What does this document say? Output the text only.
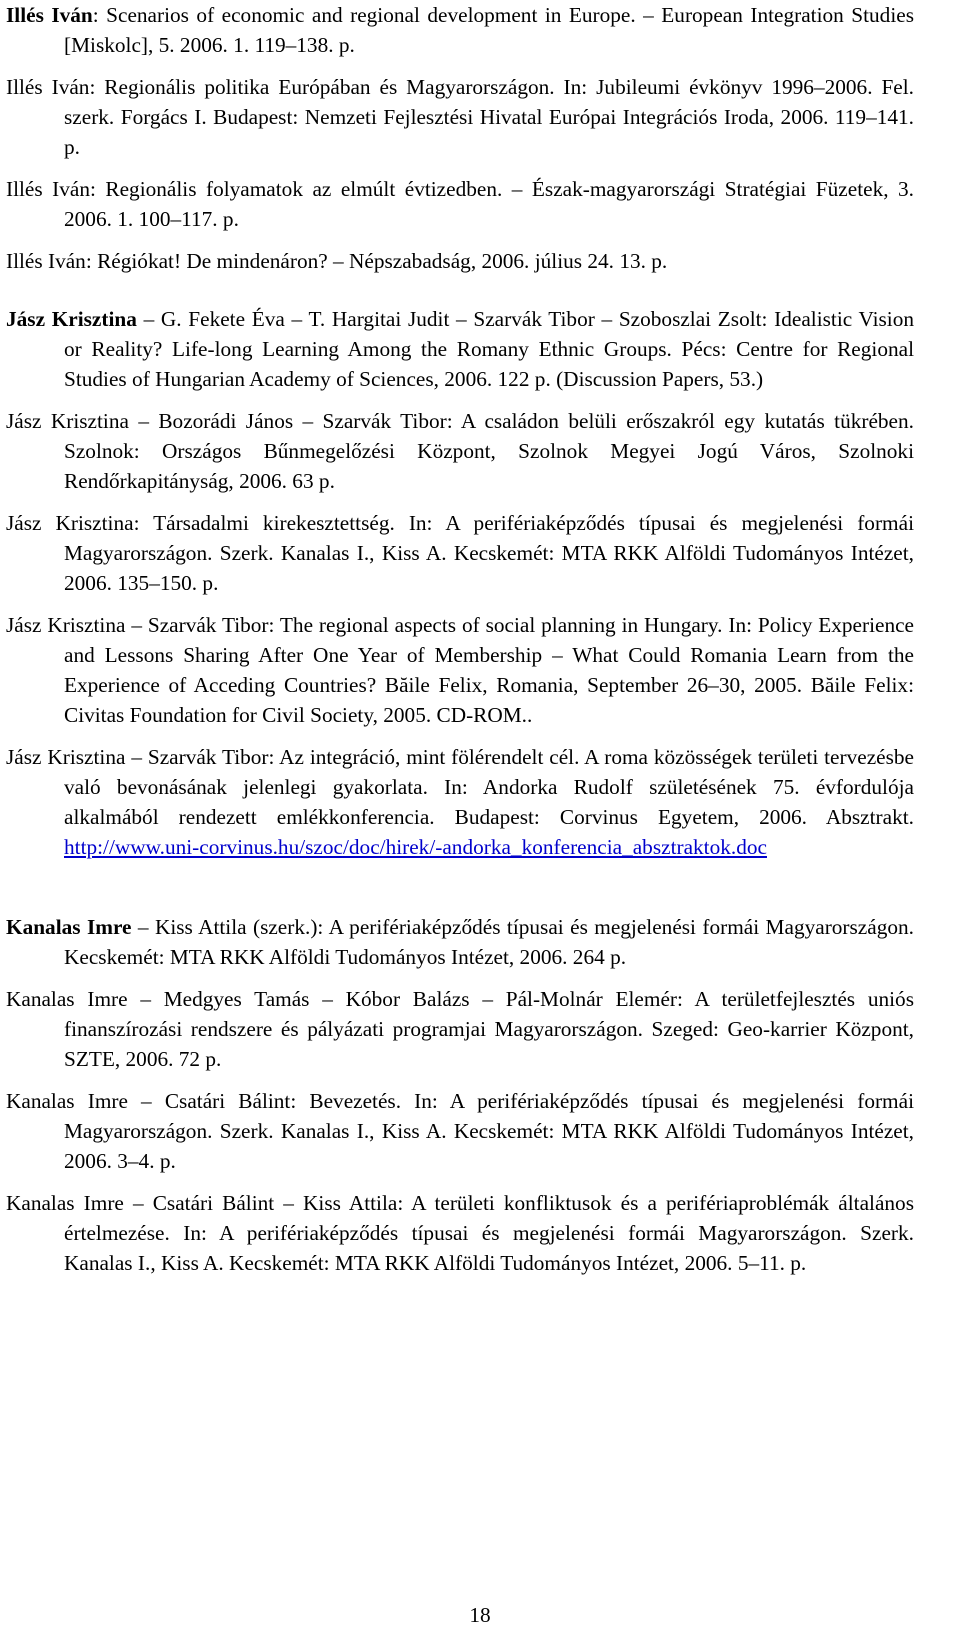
Illés Iván: Scenarios of economic and regional development in Europe. – European Integration Studies [Miskolc], 5. 2006. 1. 119–138. p.

Illés Iván: Regionális politika Európában és Magyarországon. In: Jubileumi évkönyv 1996–2006. Fel. szerk. Forgács I. Budapest: Nemzeti Fejlesztési Hivatal Európai Integrációs Iroda, 2006. 119–141. p.

Illés Iván: Regionális folyamatok az elmúlt évtizedben. – Észak-magyarországi Stratégiai Füzetek, 3. 2006. 1. 100–117. p.

Illés Iván: Régiókat! De mindenáron? – Népszabadság, 2006. július 24. 13. p.

Jász Krisztina – G. Fekete Éva – T. Hargitai Judit – Szarvák Tibor – Szoboszlai Zsolt: Idealistic Vision or Reality? Life-long Learning Among the Romany Ethnic Groups. Pécs: Centre for Regional Studies of Hungarian Academy of Sciences, 2006. 122 p. (Discussion Papers, 53.)

Jász Krisztina – Bozorádi János – Szarvák Tibor: A családon belüli erőszakról egy kutatás tükrében. Szolnok: Országos Bűnmegelőzési Központ, Szolnok Megyei Jogú Város, Szolnoki Rendőrkapitányság, 2006. 63 p.

Jász Krisztina: Társadalmi kirekesztettség. In: A perifériaképződés típusai és megjelenési formái Magyarországon. Szerk. Kanalas I., Kiss A. Kecskemét: MTA RKK Alföldi Tudományos Intézet, 2006. 135–150. p.

Jász Krisztina – Szarvák Tibor: The regional aspects of social planning in Hungary. In: Policy Experience and Lessons Sharing After One Year of Membership – What Could Romania Learn from the Experience of Acceding Countries? Băile Felix, Romania, September 26–30, 2005. Băile Felix: Civitas Foundation for Civil Society, 2005. CD-ROM..

Jász Krisztina – Szarvák Tibor: Az integráció, mint fölérendelt cél. A roma közösségek területi tervezésbe való bevonásának jelenlegi gyakorlata. In: Andorka Rudolf születésének 75. évfordulója alkalmából rendezett emlékkonferencia. Budapest: Corvinus Egyetem, 2006. Absztrakt. http://www.uni-corvinus.hu/szoc/doc/hirek/-andorka_konferencia_absztraktok.doc

Kanalas Imre – Kiss Attila (szerk.): A perifériaképződés típusai és megjelenési formái Magyarországon. Kecskemét: MTA RKK Alföldi Tudományos Intézet, 2006. 264 p.

Kanalas Imre – Medgyes Tamás – Kóbor Balázs – Pál-Molnár Elemér: A területfejlesztés uniós finanszírozási rendszere és pályázati programjai Magyarországon. Szeged: Geo-karrier Központ, SZTE, 2006. 72 p.

Kanalas Imre – Csatári Bálint: Bevezetés. In: A perifériaképződés típusai és megjelenési formái Magyarországon. Szerk. Kanalas I., Kiss A. Kecskemét: MTA RKK Alföldi Tudományos Intézet, 2006. 3–4. p.

Kanalas Imre – Csatári Bálint – Kiss Attila: A területi konfliktusok és a perifériaproblémák általános értelmezése. In: A perifériaképződés típusai és megjelenési formái Magyarországon. Szerk. Kanalas I., Kiss A. Kecskemét: MTA RKK Alföldi Tudományos Intézet, 2006. 5–11. p.

18
